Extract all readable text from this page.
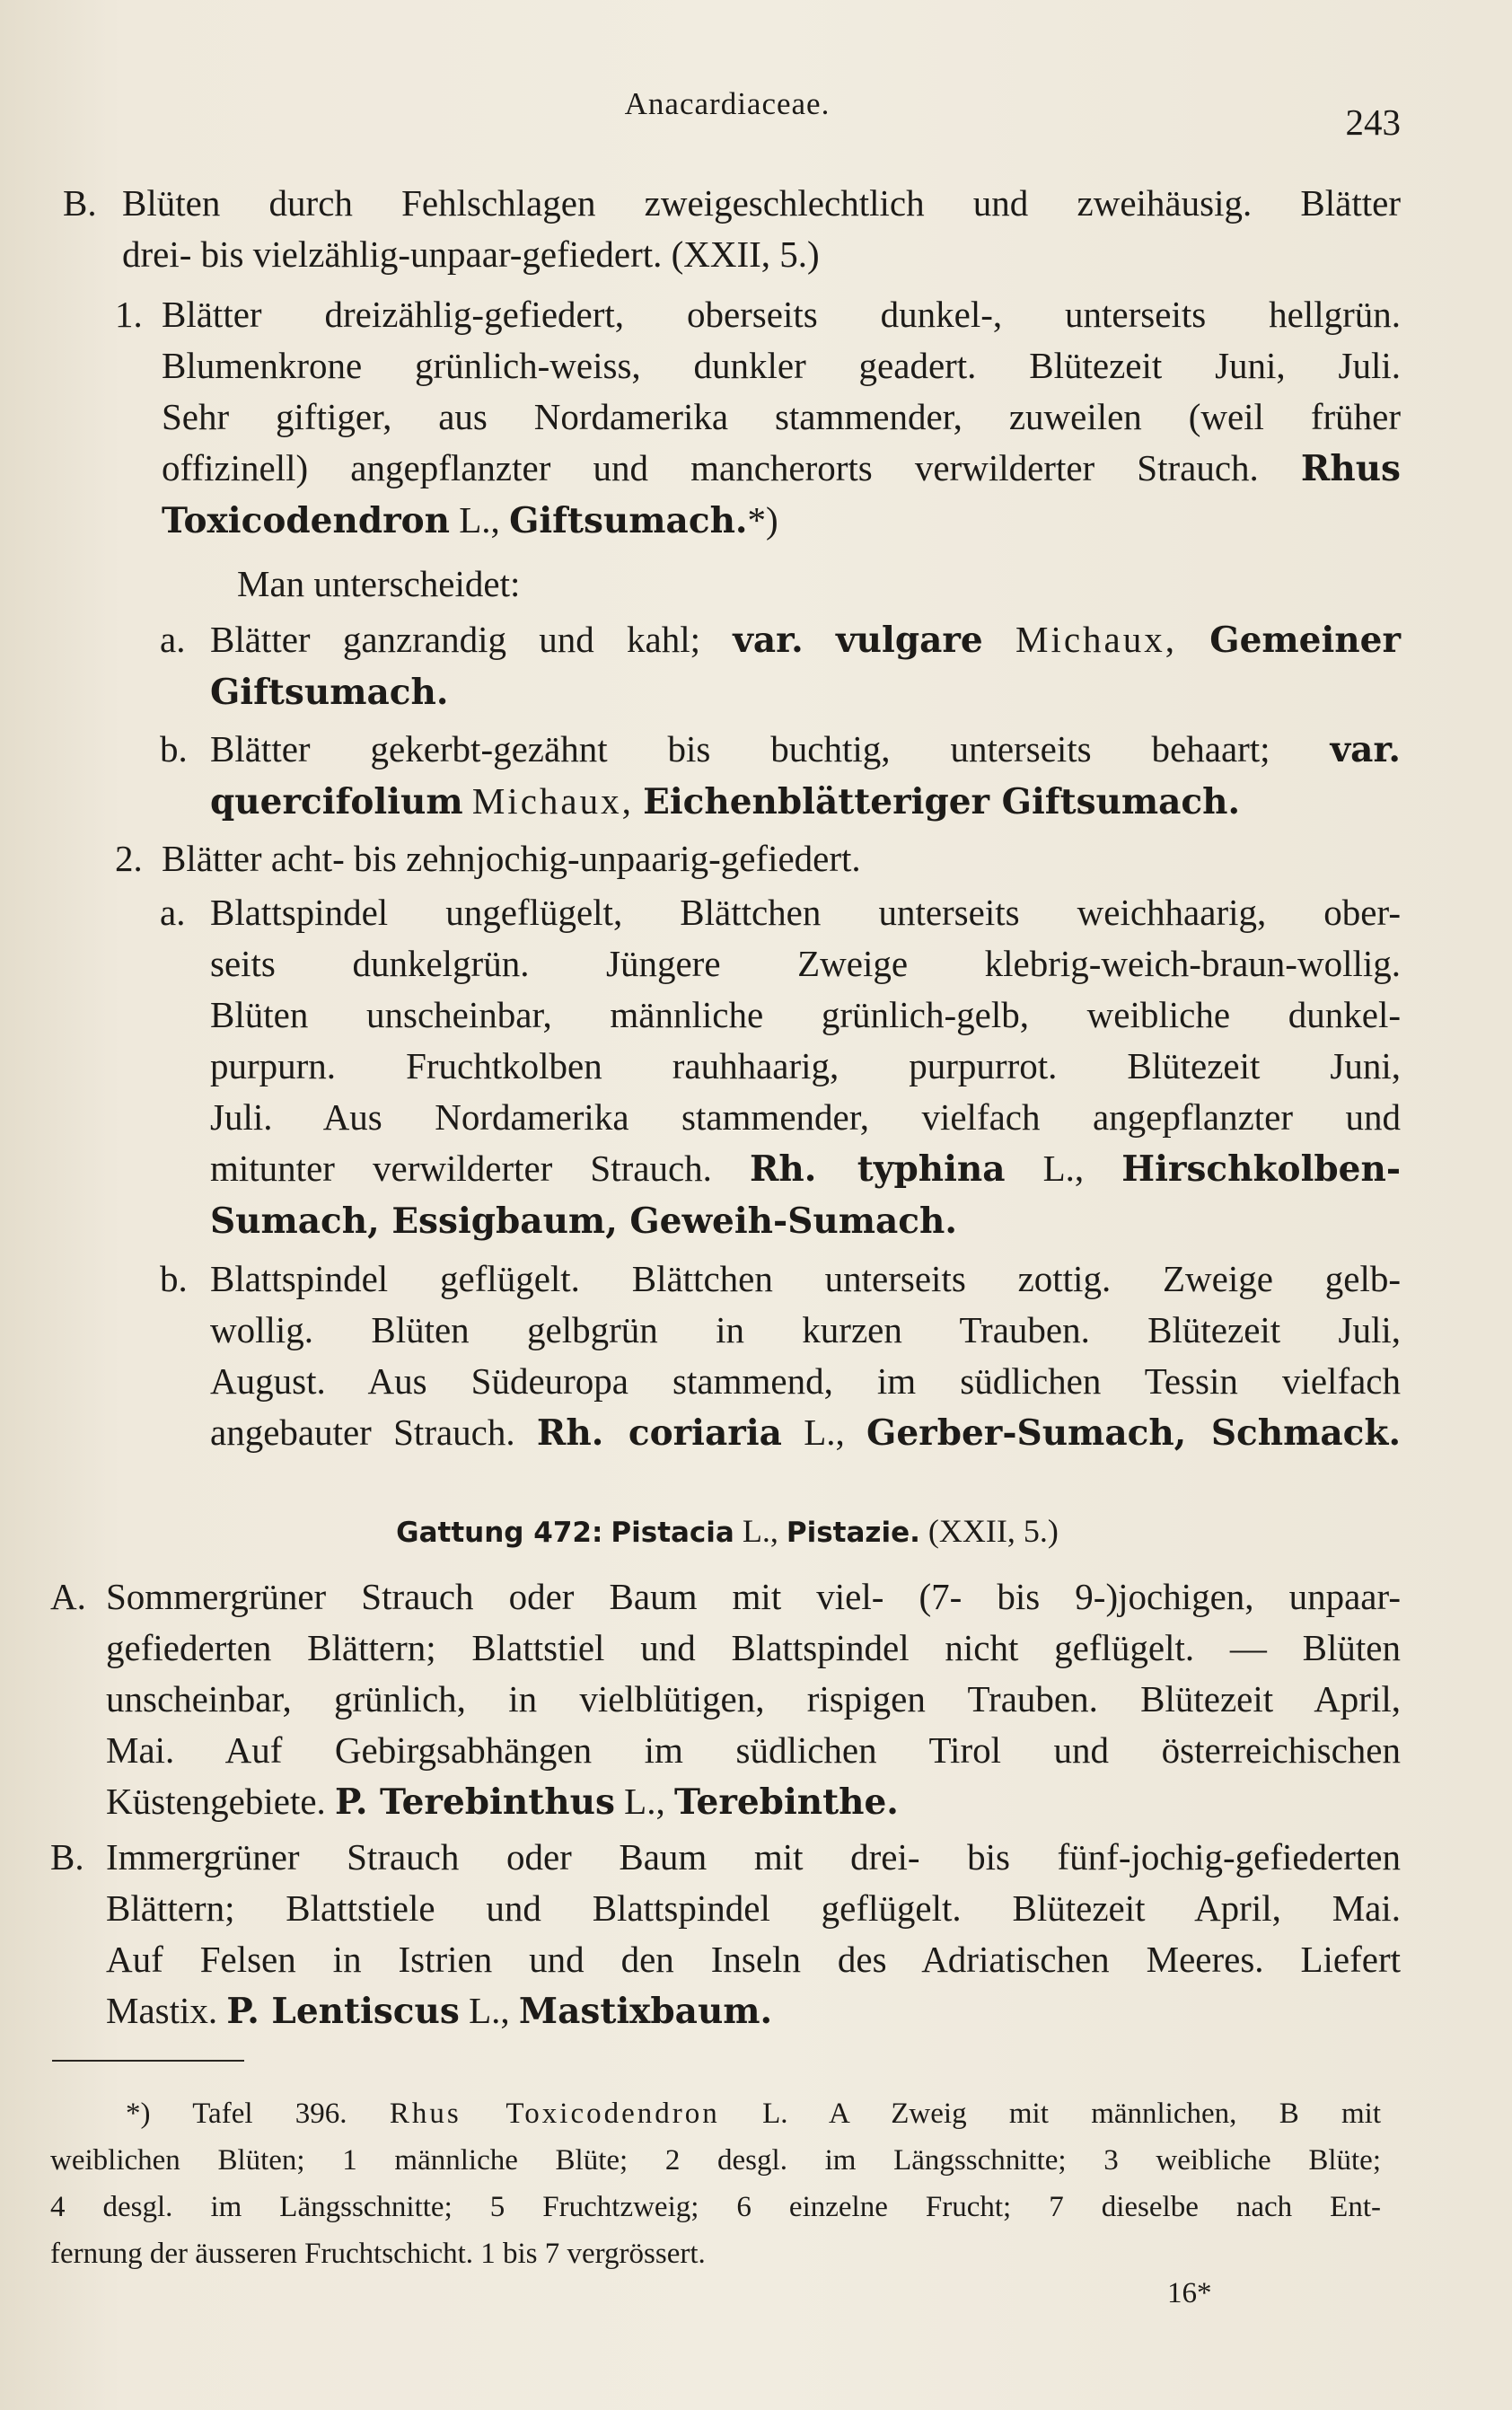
Anacardiaceae.	243
B. Blüten durch Fehlschlagen zweigeschlechtlich und zweihäusig. Blätter
drei- bis vielzählig-unpaar-gefiedert. (XXII, 5.)
1. Blätter dreizählig-gefiedert, oberseits dunkel-, unterseits hellgrün.
Blumenkrone grünlich-weiss, dunkler geadert. Blütezeit Juni, Juli.
Sehr giftiger, aus Nordamerika stammender, zuweilen (weil früher
offizinell) angepflanzter und mancherorts verwilderter Strauch. Rhus
Toxicodendron L., Giftsumach.*)
Man unterscheidet:
a. Blätter ganzrandig und kahl; var. vulgare Michaux, Gemeiner
Giftsumach.
b. Blätter gekerbt-gezähnt bis buchtig, unterseits behaart; var.
quercifolium Michaux, Eichenblätteriger Giftsumach.
2. Blätter acht- bis zehnjochig-unpaarig-gefiedert.
a. Blattspindel ungeflügelt, Blättchen unterseits weichhaarig, ober-
seits dunkelgrün. Jüngere Zweige klebrig-weich-braun-wollig.
Blüten unscheinbar, männliche grünlich-gelb, weibliche dunkel-
purpurn. Fruchtkolben rauhhaarig, purpurrot. Blütezeit Juni,
Juli. Aus Nordamerika stammender, vielfach angepflanzter und
mitunter verwilderter Strauch. Rh. typhina L., Hirschkolben-
Sumach, Essigbaum, Geweih-Sumach.
b. Blattspindel geflügelt. Blättchen unterseits zottig. Zweige gelb-
wollig. Blüten gelbgrün in kurzen Trauben. Blütezeit Juli,
August. Aus Südeuropa stammend, im südlichen Tessin vielfach
angebauter Strauch. Rh. coriaria L., Gerber-Sumach, Schmack.
Gattung 472: Pistacia L., Pistazie. (XXII, 5.)
A. Sommergrüner Strauch oder Baum mit viel- (7- bis 9-)jochigen, unpaar-
gefiederten Blättern; Blattstiel und Blattspindel nicht geflügelt. — Blüten
unscheinbar, grünlich, in vielblütigen, rispigen Trauben. Blütezeit April,
Mai. Auf Gebirgsabhängen im südlichen Tirol und österreichischen
Küstengebiete. P. Terebinthus L., Terebinthe.
B. Immergrüner Strauch oder Baum mit drei- bis fünf-jochig-gefiederten
Blättern; Blattstiele und Blattspindel geflügelt. Blütezeit April, Mai.
Auf Felsen in Istrien und den Inseln des Adriatischen Meeres. Liefert
Mastix. P. Lentiscus L., Mastixbaum.
*) Tafel 396. Rhus Toxicodendron L. A Zweig mit männlichen, B mit
weiblichen Blüten; 1 männliche Blüte; 2 desgl. im Längsschnitte; 3 weibliche Blüte;
4 desgl. im Längsschnitte; 5 Fruchtzweig; 6 einzelne Frucht; 7 dieselbe nach Ent-
fernung der äusseren Fruchtschicht. 1 bis 7 vergrössert.
16*
